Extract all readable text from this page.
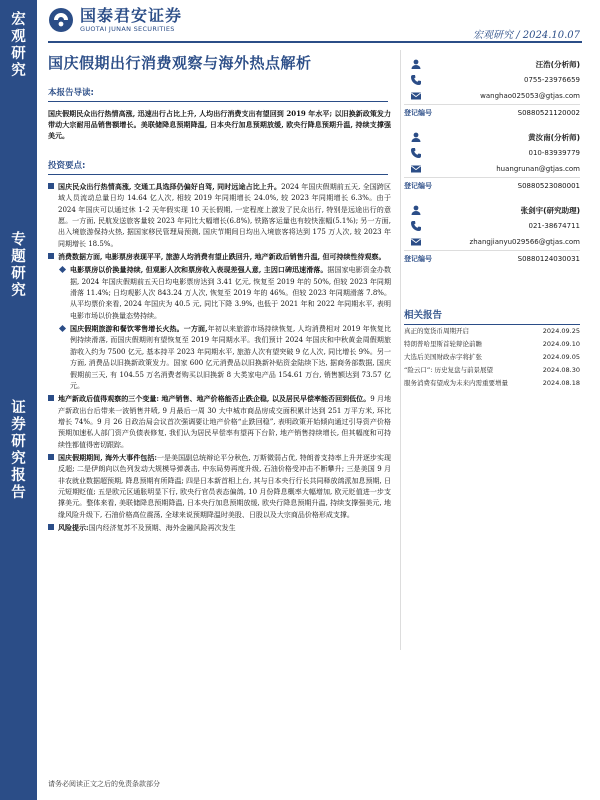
宏
观
研
究
专
题
研
究
证
券
研
究
报
告
国泰君安证券
GUOTAI JUNAN SECURITIES
宏观研究 / 2024.10.07
国庆假期出行消费观察与海外热点解析	汪浩(分析师)
0755-23976659
wanghao025053@gtjas.com
登记编号	S0880521120002
黄汝南(分析师)
010-83939779
huangrunan@gtjas.com
登记编号	S0880523080001
张剑宇(研究助理)
021-38674711
zhangjianyu029566@gtjas.com
登记编号	S0880124030031
相关报告
真正的宽货币周期开启	2024.09.25
特朗普哈里斯首轮辩论前瞻	2024.09.10
大选后美国财政赤字将扩张	2024.09.05
“险云口”: 历史复盘与前景展望	2024.08.30
服务消费有望成为未来内需重要增量	2024.08.18
本报告导读:
国庆假期民众出行热情高涨, 迅速出行占比上升, 人均出行消费支出有望回到 2019 年水平; 以旧换新政策发力带动大宗耐用品销售额增长。美联储降息预期降温, 日本央行加息预期放缓, 欧央行降息预期升温, 持续支撑强美元。
投资要点:
国庆民众出行热情高涨, 交通工具选择仍偏好自驾, 同时远途占比上升。2024 年国庆假期前五天, 全国跨区域人员流动总量日均 14.64 亿人次, 相较 2019 年同期增长 24.0%, 较 2023 年同期增长 6.3%。由于 2024 年国庆可以通过休 1-2 天年假实现 10 天长假期, 一定程度上激发了民众出行, 特别是远途出行的意愿。一方面, 民航发送旅客量较 2023 年同比大幅增长(6.8%), 铁路客运量也有较快涨幅(5.1%); 另一方面, 出入境旅游保持火热, 据国家移民管理局预测, 国庆节期间日均出入境旅客将达到 175 万人次, 较 2023 年同期增长 18.5%。
消费数据方面, 电影票房表现平平, 旅游人均消费有望止跌回升, 地产新政后销售升温, 但可持续性待观察。
电影票房以价换量持续, 但观影人次和票房收入表现差强人意, 主因口碑迅速滑落。据国家电影资金办数据, 2024 年国庆假期前五天日均电影票房达到 3.41 亿元, 恢复至 2019 年的 50%, 但较 2023 年同期滑落 11.4%; 日均观影人次 843.24 万人次, 恢复至 2019 年的 46%。但较 2023 年同期滑落 7.8%。从平均票价来看, 2024 年国庆为 40.5 元, 同比下降 3.9%, 也低于 2021 年和 2022 年同期水平, 表明电影市场以价换量态势持续。
国庆假期旅游和餐饮零售增长火热。一方面,年初以来旅游市场持续恢复, 人均消费相对 2019 年恢复比例持续滑落, 而国庆假期则有望恢复至 2019 年同期水平。我们预计 2024 年国庆和中秋黄金周假期旅游收入约为 7500 亿元, 基本持平 2023 年同期水平, 旅游人次有望突破 9 亿人次, 同比增长 9%。另一方面, 消费品以旧换新政策发力。国家 600 亿元消费品以旧换新补贴资金陆续下达, 据商务部数据, 国庆假期前三天, 有 104.55 万名消费者购买以旧换新 8 大类家电产品 154.61 万台, 销售额达到 73.57 亿元。
地产新政后值得观察的三个变量: 地产销售、地产价格能否止跌企稳, 以及居民早偿率能否回到低位。9 月地产新政出台后带来一波销售井喷, 9 月最后一周 30 大中城市商品房成交面积累计达到 251 万平方米, 环比增长 74%。9 月 26 日政治局会议首次强调要让地产价格“止跌回稳”, 表明政策开始倾向通过引导资产价格预期加速私人部门资产负债表修复, 我们认为居民早偿率有望再下台阶, 地产销售持续增长, 但其幅度和可持续性都值得密切跟踪。
国庆假期期间, 海外大事件包括:一是美国副总统辩论平分秋色, 万斯微弱占优, 特朗普支持率上升并逐步实现反超; 二是伊朗向以色列发动大规模导弹袭击, 中东局势再度升级, 石油价格受冲击不断攀升; 三是美国 9 月非农就业数据超预期, 降息预期有所降温; 四是日本新首相上台, 其与日本央行行长共同释放鸽派加息预期, 日元短期贬值; 五是欧元区通胀明显下行, 欧央行官员表态偏鸽, 10 月份降息概率大幅增加, 欧元贬值进一步支撑美元。整体来看, 美联储降息预期降温, 日本央行加息预期放缓, 欧央行降息预期升温, 持续支撑强美元, 地缘风险升级下, 石油价格高位震荡, 全球来说预期降温时美股、日股以及大宗商品价格形成支撑。
风险提示:国内经济复苏不及预期、海外金融风险再次发生
请务必阅读正文之后的免责条款部分
